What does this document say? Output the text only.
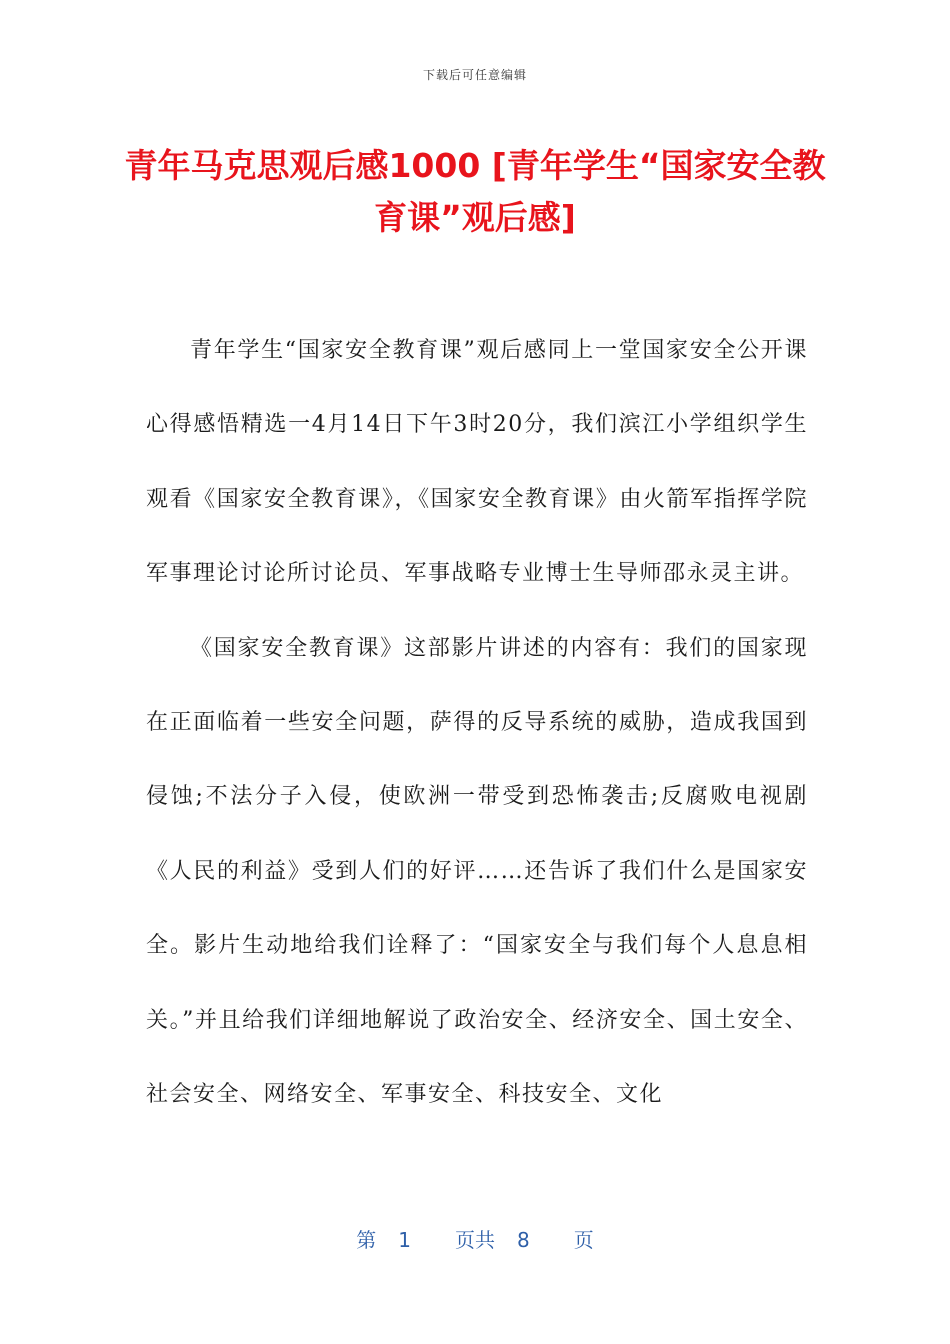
下载后可任意编辑
青年马克思观后感1000 [青年学生“国家安全教育课”观后感]

青年学生“国家安全教育课”观后感同上一堂国家安全公开课心得感悟精选一4月14日下午3时20分，我们滨江小学组织学生观看《国家安全教育课》，《国家安全教育课》由火箭军指挥学院军事理论讨论所讨论员、军事战略专业博士生导师邵永灵主讲。

《国家安全教育课》这部影片讲述的内容有：我们的国家现在正面临着一些安全问题，萨得的反导系统的威胁，造成我国到侵蚀;不法分子入侵，使欧洲一带受到恐怖袭击;反腐败电视剧《人民的利益》受到人们的好评……还告诉了我们什么是国家安全。影片生动地给我们诠释了：“国家安全与我们每个人息息相关。”并且给我们详细地解说了政治安全、经济安全、国土安全、社会安全、网络安全、军事安全、科技安全、文化

第 1 页共 8 页
